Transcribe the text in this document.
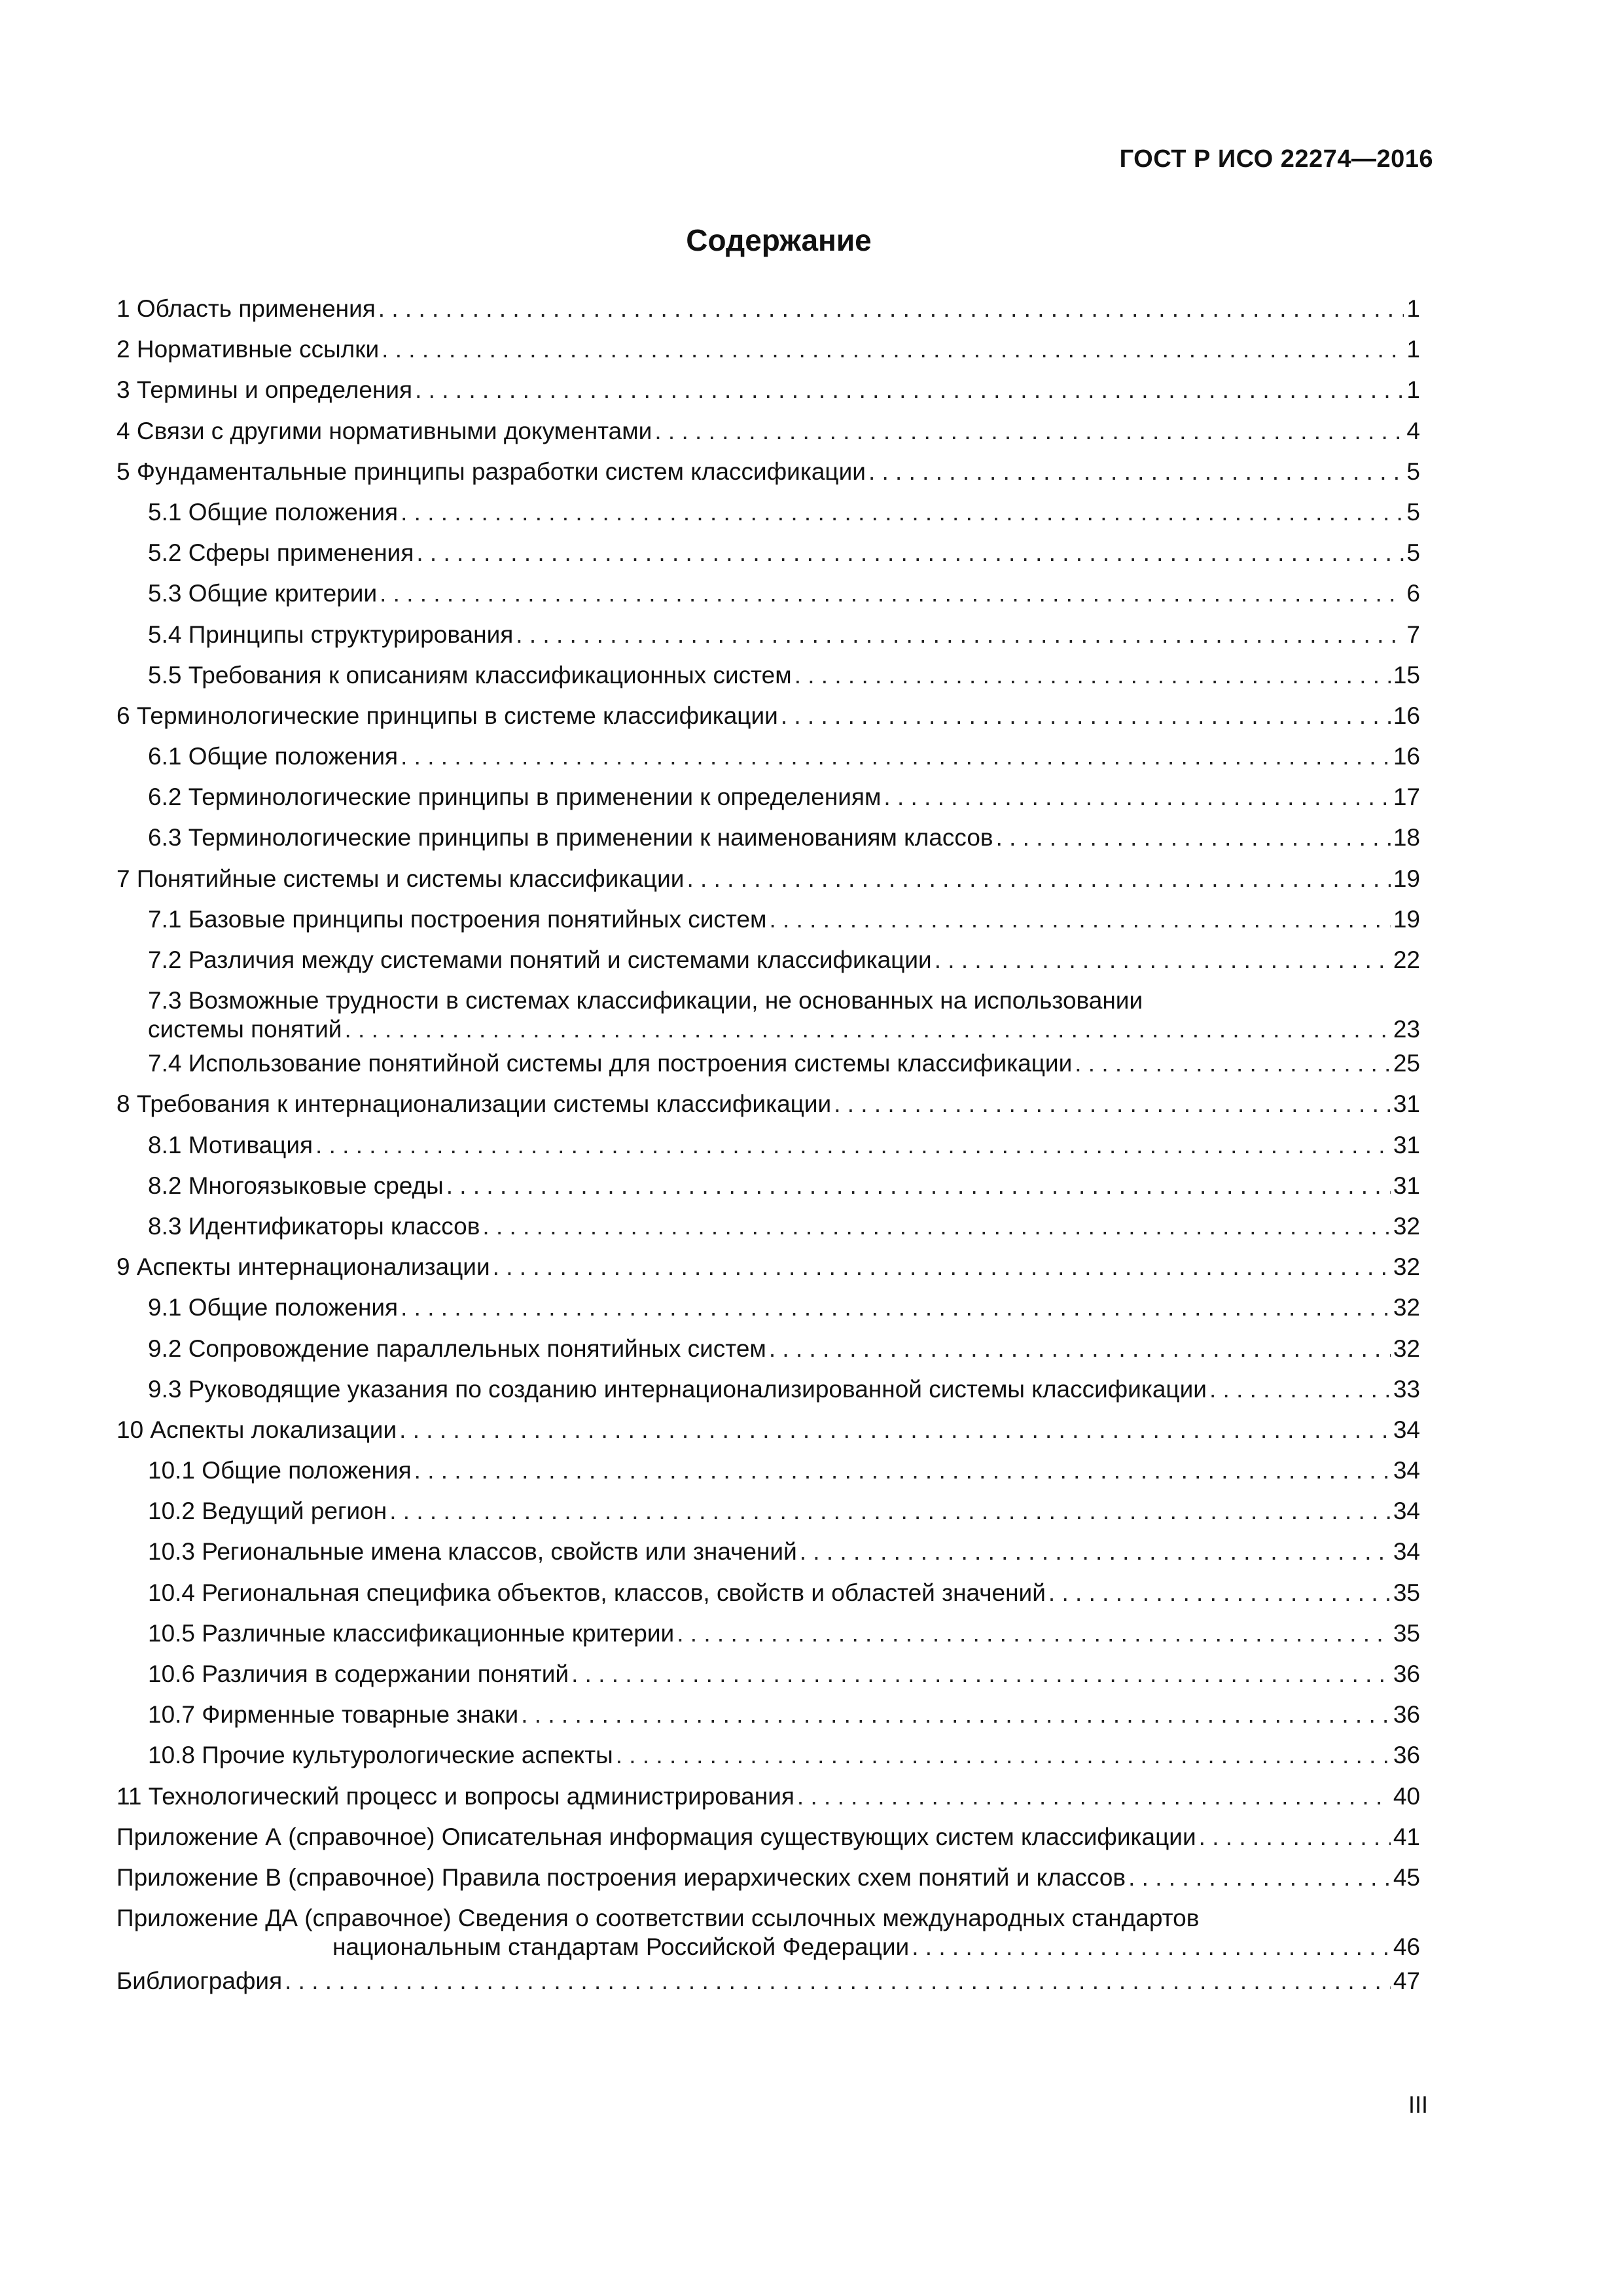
ГОСТ Р ИСО 22274—2016
Содержание
1 Область применения . . .	1
2 Нормативные ссылки . . .	1
3 Термины и определения . . .	1
4 Связи с другими нормативными документами . . .	4
5 Фундаментальные принципы разработки систем классификации . . .	5
5.1 Общие положения . . .	5
5.2 Сферы применения . . .	5
5.3 Общие критерии . . .	6
5.4 Принципы структурирования . . .	7
5.5 Требования к описаниям классификационных систем . . .	15
6 Терминологические принципы в системе классификации . . .	16
6.1 Общие положения . . .	16
6.2 Терминологические принципы в применении к определениям . . .	17
6.3 Терминологические принципы в применении к наименованиям классов . . .	18
7 Понятийные системы и системы классификации . . .	19
7.1 Базовые принципы построения понятийных систем . . .	19
7.2 Различия между системами понятий и системами классификации . . .	22
7.3 Возможные трудности в системах классификации, не основанных на использовании
системы понятий . . .	23
7.4 Использование понятийной системы для построения системы классификации . . .	25
8 Требования к интернационализации системы классификации . . .	31
8.1 Мотивация . . .	31
8.2 Многоязыковые среды . . .	31
8.3 Идентификаторы классов . . .	32
9 Аспекты интернационализации . . .	32
9.1 Общие положения . . .	32
9.2 Сопровождение параллельных понятийных систем . . .	32
9.3 Руководящие указания по созданию интернационализированной системы классификации . . .	33
10 Аспекты локализации . . .	34
10.1 Общие положения . . .	34
10.2 Ведущий регион . . .	34
10.3 Региональные имена классов, свойств или значений . . .	34
10.4 Региональная специфика объектов, классов, свойств и областей значений . . .	35
10.5 Различные классификационные критерии . . .	35
10.6 Различия в содержании понятий . . .	36
10.7 Фирменные товарные знаки . . .	36
10.8 Прочие культурологические аспекты . . .	36
11 Технологический процесс и вопросы администрирования . . .	40
Приложение А (справочное) Описательная информация существующих систем классификации . . .	41
Приложение В (справочное) Правила построения иерархических схем понятий и классов . . .	45
Приложение ДА (справочное) Сведения о соответствии ссылочных международных стандартов
национальным стандартам Российской Федерации . . .	46
Библиография . . .	47
III
